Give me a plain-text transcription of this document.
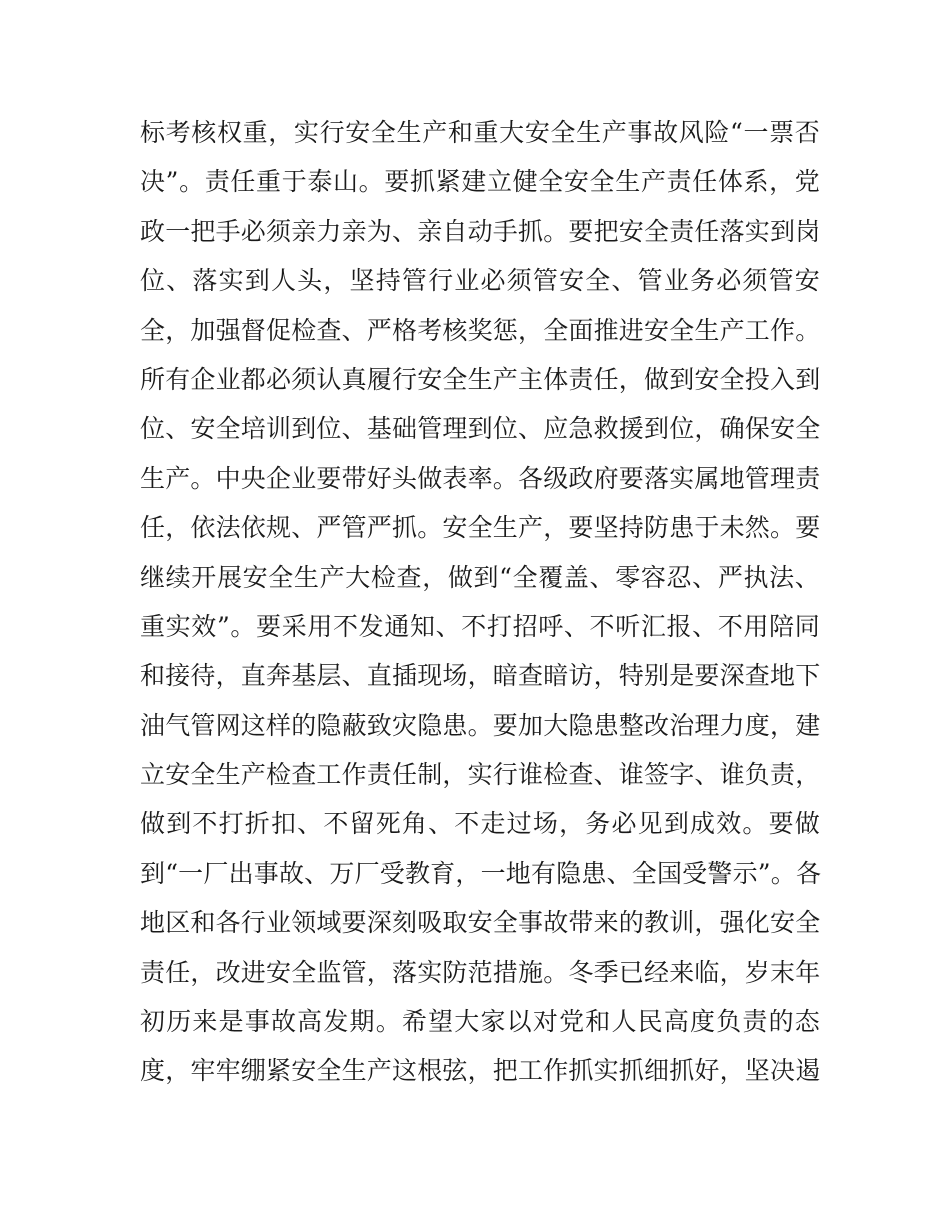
标考核权重，实行安全生产和重大安全生产事故风险“一票否
决”。责任重于泰山。要抓紧建立健全安全生产责任体系，党
政一把手必须亲力亲为、亲自动手抓。要把安全责任落实到岗
位、落实到人头，坚持管行业必须管安全、管业务必须管安
全，加强督促检查、严格考核奖惩，全面推进安全生产工作。
所有企业都必须认真履行安全生产主体责任，做到安全投入到
位、安全培训到位、基础管理到位、应急救援到位，确保安全
生产。中央企业要带好头做表率。各级政府要落实属地管理责
任，依法依规、严管严抓。安全生产，要坚持防患于未然。要
继续开展安全生产大检查，做到“全覆盖、零容忍、严执法、
重实效”。要采用不发通知、不打招呼、不听汇报、不用陪同
和接待，直奔基层、直插现场，暗查暗访，特别是要深查地下
油气管网这样的隐蔽致灾隐患。要加大隐患整改治理力度，建
立安全生产检查工作责任制，实行谁检查、谁签字、谁负责，
做到不打折扣、不留死角、不走过场，务必见到成效。要做
到“一厂出事故、万厂受教育，一地有隐患、全国受警示”。各
地区和各行业领域要深刻吸取安全事故带来的教训，强化安全
责任，改进安全监管，落实防范措施。冬季已经来临，岁末年
初历来是事故高发期。希望大家以对党和人民高度负责的态
度，牢牢绷紧安全生产这根弦，把工作抓实抓细抓好，坚决遏
